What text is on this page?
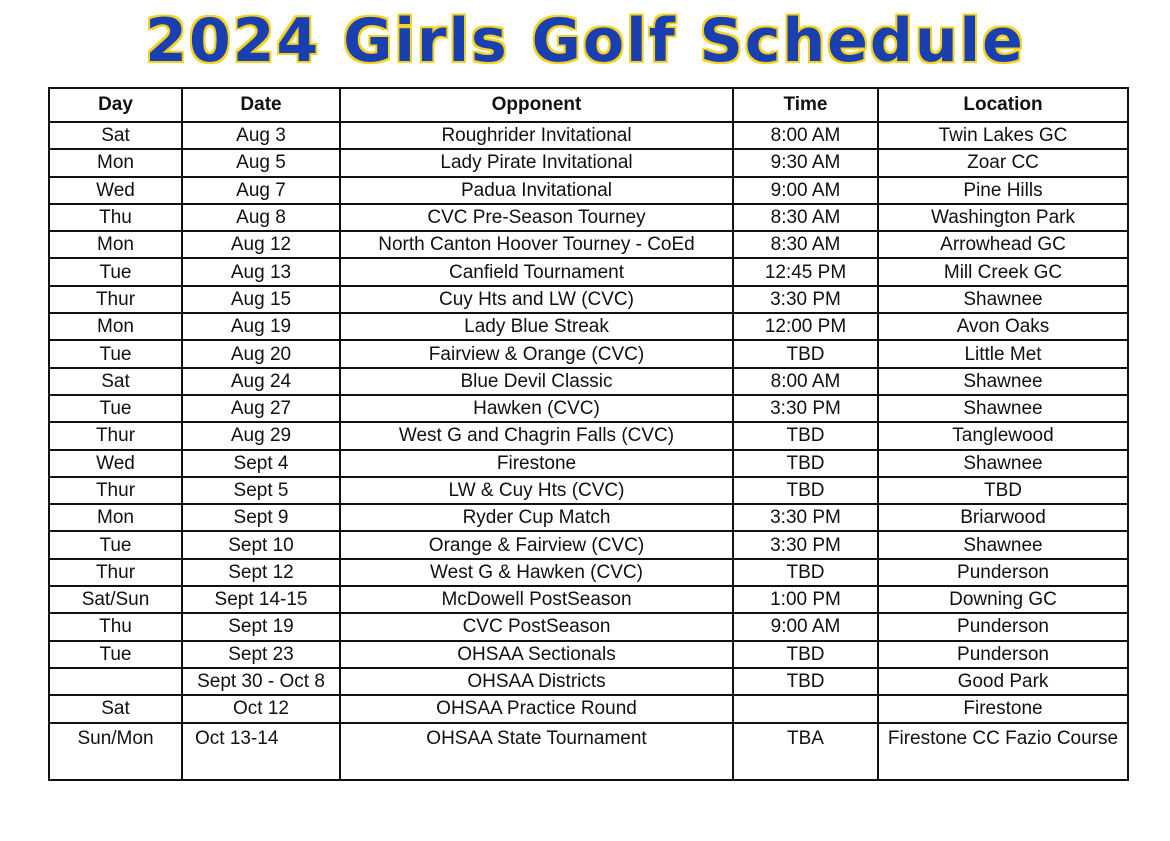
2024 Girls Golf Schedule
Day	Date	Opponent	Time	Location
Sat	Aug 3	Roughrider Invitational	8:00 AM	Twin Lakes GC
Mon	Aug 5	Lady Pirate Invitational	9:30 AM	Zoar CC
Wed	Aug 7	Padua Invitational	9:00 AM	Pine Hills
Thu	Aug 8	CVC Pre-Season Tourney	8:30 AM	Washington Park
Mon	Aug 12	North Canton Hoover Tourney - CoEd	8:30 AM	Arrowhead GC
Tue	Aug 13	Canfield Tournament	12:45 PM	Mill Creek GC
Thur	Aug 15	Cuy Hts and LW (CVC)	3:30 PM	Shawnee
Mon	Aug 19	Lady Blue Streak	12:00 PM	Avon Oaks
Tue	Aug 20	Fairview & Orange (CVC)	TBD	Little Met
Sat	Aug 24	Blue Devil Classic	8:00 AM	Shawnee
Tue	Aug 27	Hawken (CVC)	3:30 PM	Shawnee
Thur	Aug 29	West G and Chagrin Falls (CVC)	TBD	Tanglewood
Wed	Sept 4	Firestone	TBD	Shawnee
Thur	Sept 5	LW & Cuy Hts (CVC)	TBD	TBD
Mon	Sept 9	Ryder Cup Match	3:30 PM	Briarwood
Tue	Sept 10	Orange & Fairview (CVC)	3:30 PM	Shawnee
Thur	Sept 12	West G & Hawken (CVC)	TBD	Punderson
Sat/Sun	Sept 14-15	McDowell PostSeason	1:00 PM	Downing GC
Thu	Sept 19	CVC PostSeason	9:00 AM	Punderson
Tue	Sept 23	OHSAA Sectionals	TBD	Punderson
	Sept 30 - Oct 8	OHSAA Districts	TBD	Good Park
Sat	Oct 12	OHSAA Practice Round		Firestone
Sun/Mon	Oct 13-14	OHSAA State Tournament	TBA	Firestone CC Fazio Course
